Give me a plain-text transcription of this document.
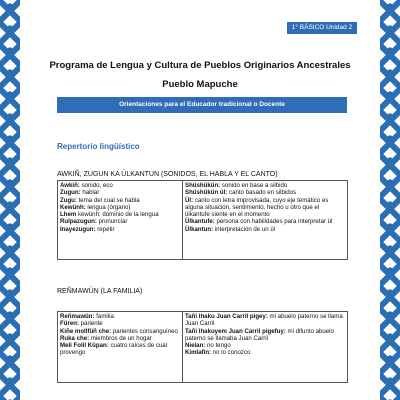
1° BÁSICO Unidad 2
Programa de Lengua y Cultura de Pueblos Originarios Ancestrales
Pueblo Mapuche
Orientaciones para el Educador tradicional o Docente
Repertorio lingüístico
AWKIÑ, ZUGUN KA ÜLKANTUN (SONIDOS, EL HABLA Y EL CANTO)

Awkiñ: sonido, eco

Zugun: hablar

Zugu: tema del cual se habla

Kewünh: lengua (órgano)

Lhem kewünh: dominio de la lengua

Rulpazugun: pronunciar

Inayezugun: repetir

Shüshükün: sonido en base a silbido

Shüshükün ül: canto basado en silbidos

Ül: canto con letra improvisada, cuyo eje temático es alguna situación, sentimiento, hecho u otro que el ülkantufe siente en el momento

Ülkantufe: persona con habilidades para interpretar ül

Ülkantun: interpretación de un ül

REÑMAWÜN (LA FAMILIA)

Reñmawün: familia

Füren: pariente

Kiñe mollfüñ che: parientes consanguíneo

Ruka che: miembros de un hogar

Meli Folil Küpan: cuatro raíces de cual provengo

Tañi lhaku Juan Carril pigey: mi abuelo paterno se llama Juan Carril

Tañi lhakuyem Juan Carril pigefuy: mi difunto abuelo paterno se llamaba Juan Carril

Nielan: no tengo

Kimlafin: no lo conozco
